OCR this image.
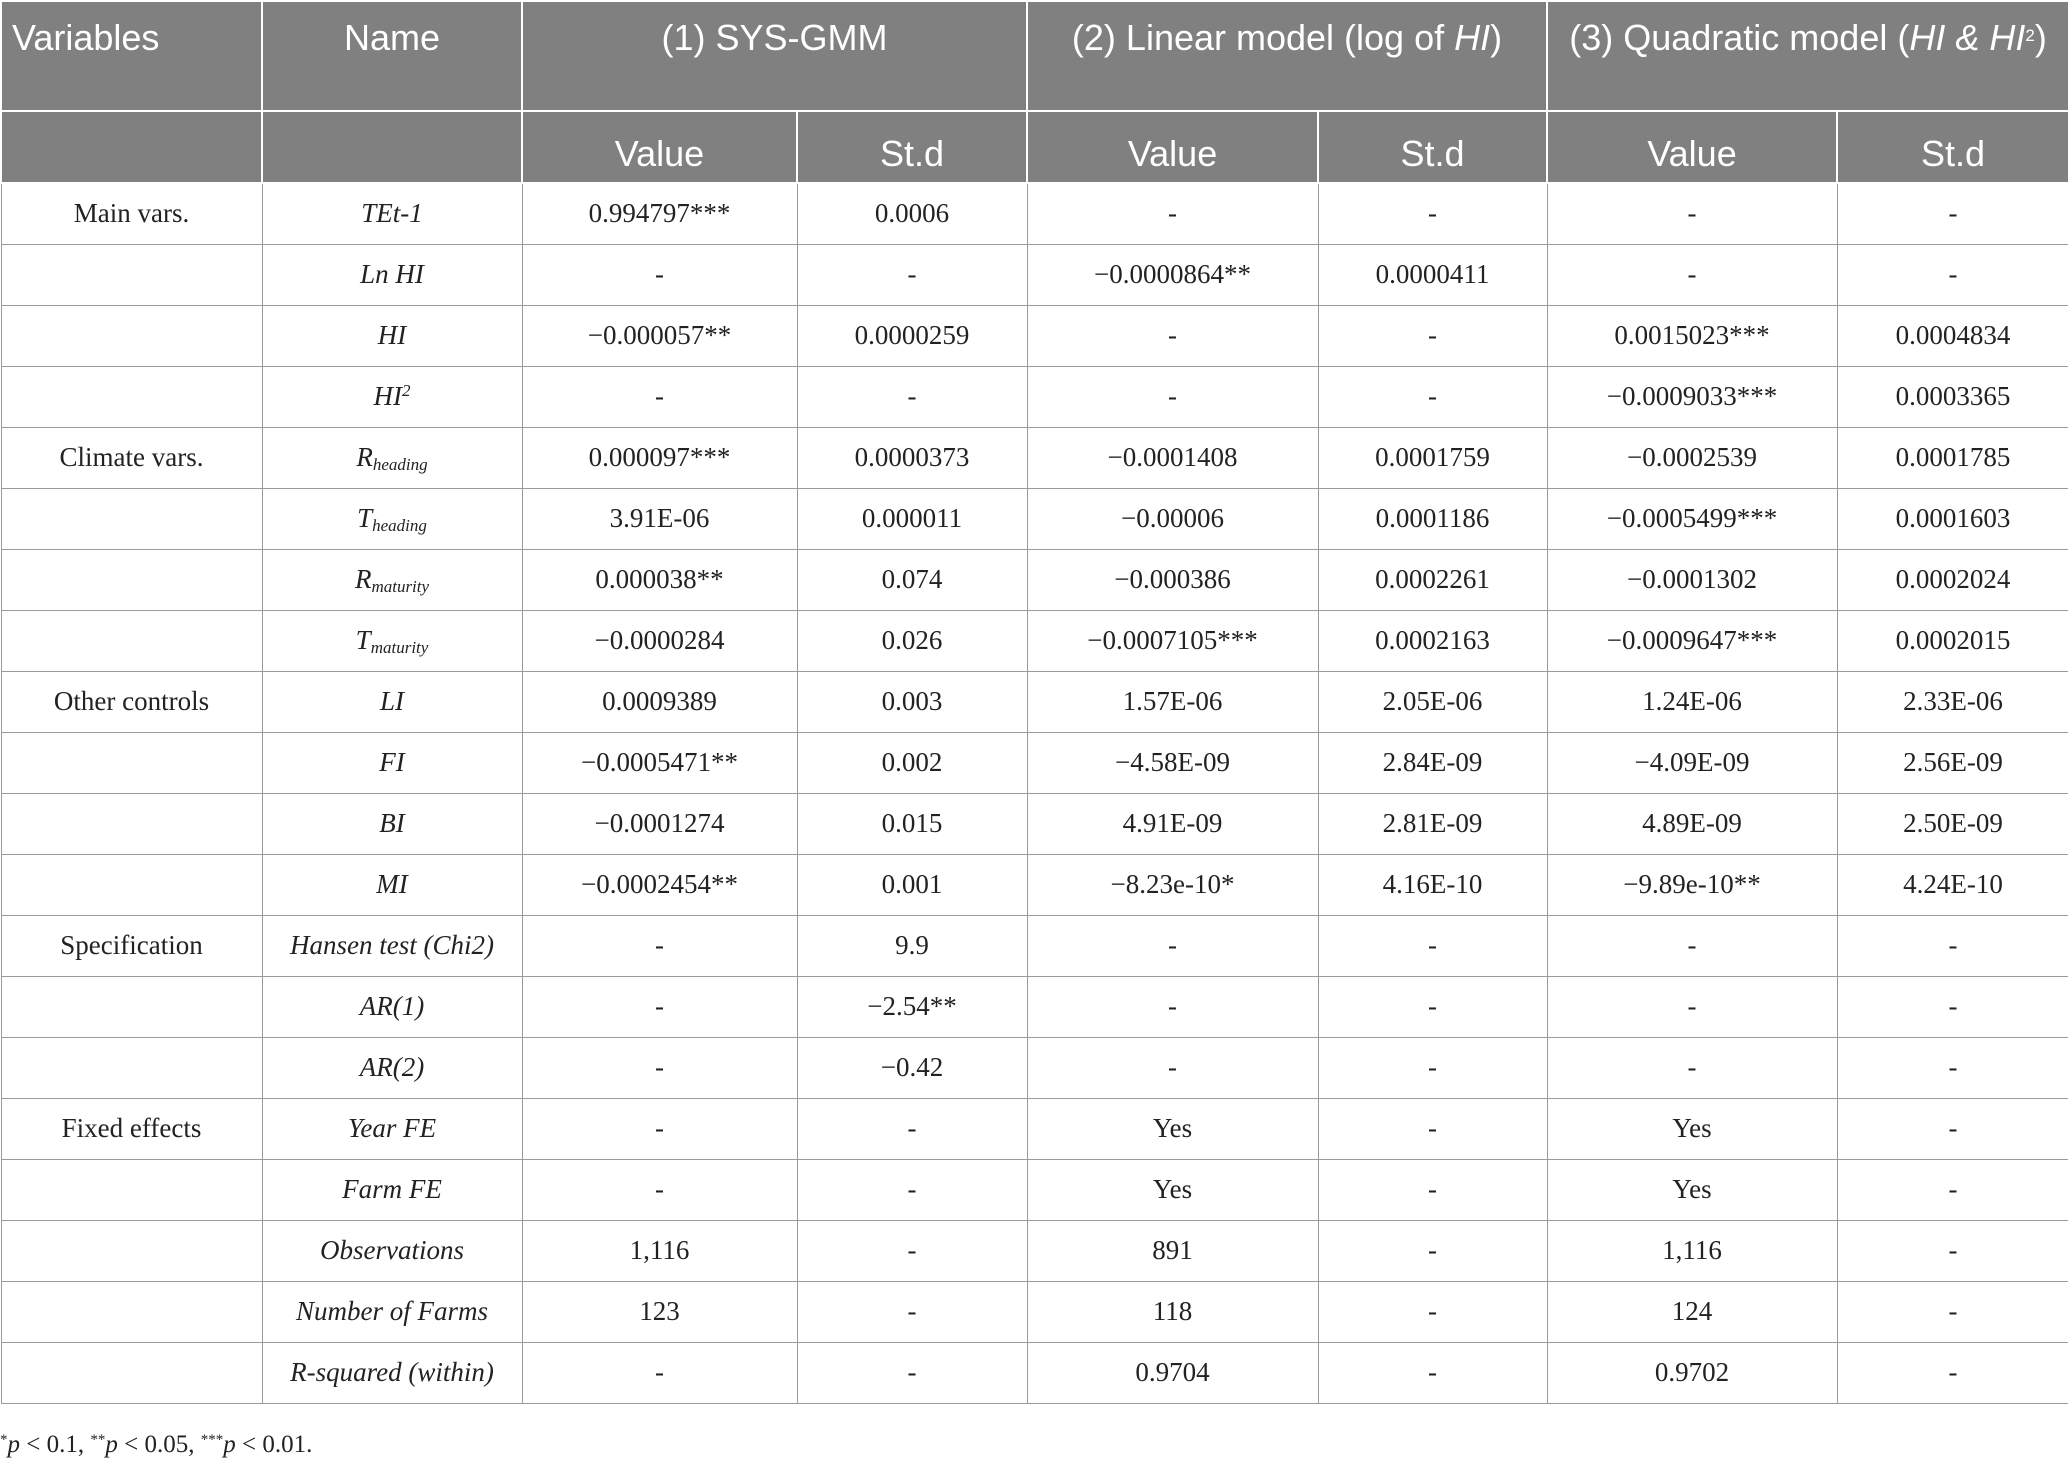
Variables	Name	(1) SYS-GMM		(2) Linear model (log of HI)		(3) Quadratic model (HI & $HI^2$)	
		Value	St.d	Value	St.d	Value	St.d
Main vars.	TEt-1	0.994797***	0.0006	-	-	-	-
	Ln HI	-	-	−0.0000864**	0.0000411	-	-
	HI	−0.000057**	0.0000259	-	-	0.0015023***	0.0004834
	$HI^2$	-	-	-	-	−0.0009033***	0.0003365
Climate vars.	$R_{heading}$	0.000097***	0.0000373	−0.0001408	0.0001759	−0.0002539	0.0001785
	$T_{heading}$	3.91E-06	0.000011	−0.00006	0.0001186	−0.0005499***	0.0001603
	$R_{maturity}$	0.000038**	0.074	−0.000386	0.0002261	−0.0001302	0.0002024
	$T_{maturity}$	−0.0000284	0.026	−0.0007105***	0.0002163	−0.0009647***	0.0002015
Other controls	LI	0.0009389	0.003	1.57E-06	2.05E-06	1.24E-06	2.33E-06
	FI	−0.0005471**	0.002	−4.58E-09	2.84E-09	−4.09E-09	2.56E-09
	BI	−0.0001274	0.015	4.91E-09	2.81E-09	4.89E-09	2.50E-09
	MI	−0.0002454**	0.001	−8.23e-10*	4.16E-10	−9.89e-10**	4.24E-10
Specification	Hansen test (Chi2)	-	9.9	-	-	-	-
	AR(1)	-	−2.54**	-	-	-	-
	AR(2)	-	−0.42	-	-	-	-
Fixed effects	Year FE	-	-	Yes	-	Yes	-
	Farm FE	-	-	Yes	-	Yes	-
	Observations	1,116	-	891	-	1,116	-
	Number of Farms	123	-	118	-	124	-
	R-squared (within)	-	-	0.9704	-	0.9702	-
*p < 0.1, **p < 0.05, ***p < 0.01.
